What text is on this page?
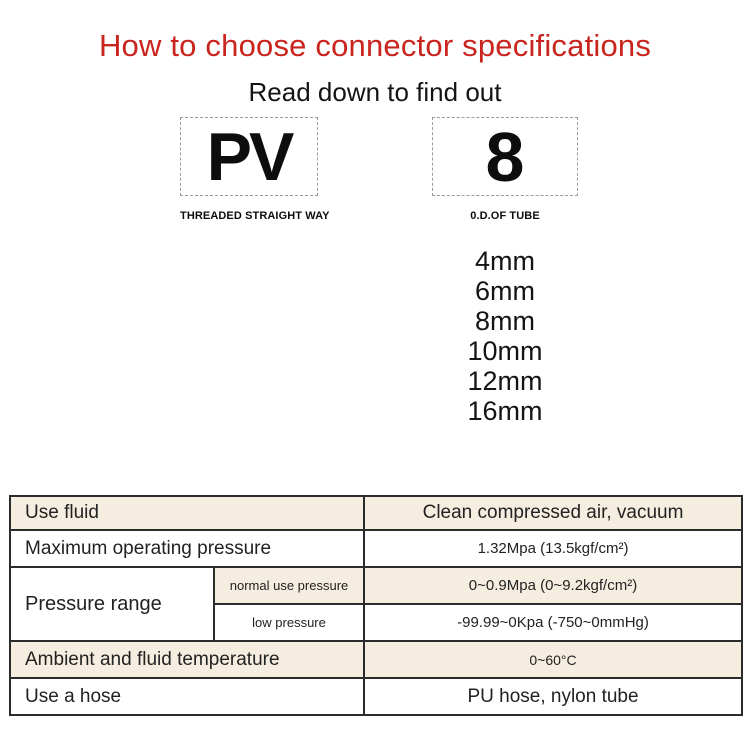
How to choose connector specifications
Read down to find out
PV
THREADED STRAIGHT WAY
8
0.D.OF TUBE
4mm
6mm
8mm
10mm
12mm
16mm
Use fluid		Clean compressed air, vacuum
Maximum operating pressure		1.32Mpa (13.5kgf/cm²)
Pressure range	normal use pressure	0~0.9Mpa (0~9.2kgf/cm²)
	low pressure	-99.99~0Kpa (-750~0mmHg)
Ambient and fluid temperature		0~60°C
Use a hose		PU hose, nylon tube
